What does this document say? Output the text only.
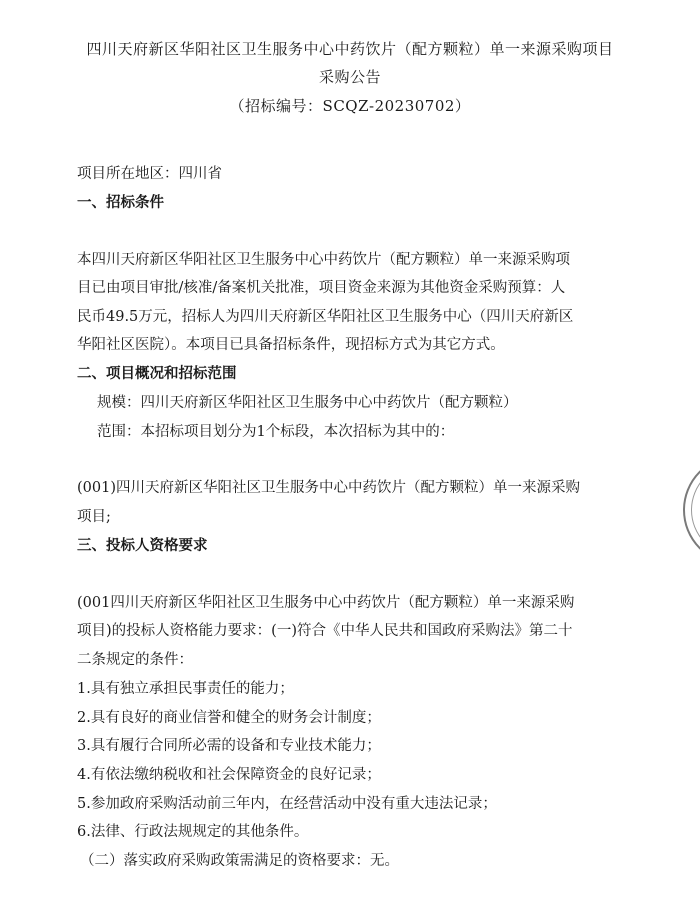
四川天府新区华阳社区卫生服务中心中药饮片（配方颗粒）单一来源采购项目
采购公告
（招标编号：SCQZ-20230702）
项目所在地区：四川省
一、招标条件
本四川天府新区华阳社区卫生服务中心中药饮片（配方颗粒）单一来源采购项
目已由项目审批/核准/备案机关批准，项目资金来源为其他资金采购预算：人
民币49.5万元，招标人为四川天府新区华阳社区卫生服务中心（四川天府新区
华阳社区医院）。本项目已具备招标条件，现招标方式为其它方式。
二、项目概况和招标范围
规模：四川天府新区华阳社区卫生服务中心中药饮片（配方颗粒）
范围：本招标项目划分为1个标段，本次招标为其中的：
(001)四川天府新区华阳社区卫生服务中心中药饮片（配方颗粒）单一来源采购
项目;
三、投标人资格要求
(001四川天府新区华阳社区卫生服务中心中药饮片（配方颗粒）单一来源采购
项目)的投标人资格能力要求：(一)符合《中华人民共和国政府采购法》第二十
二条规定的条件：
1.具有独立承担民事责任的能力；
2.具有良好的商业信誉和健全的财务会计制度；
3.具有履行合同所必需的设备和专业技术能力；
4.有依法缴纳税收和社会保障资金的良好记录；
5.参加政府采购活动前三年内，在经营活动中没有重大违法记录；
6.法律、行政法规规定的其他条件。
（二）落实政府采购政策需满足的资格要求：无。
